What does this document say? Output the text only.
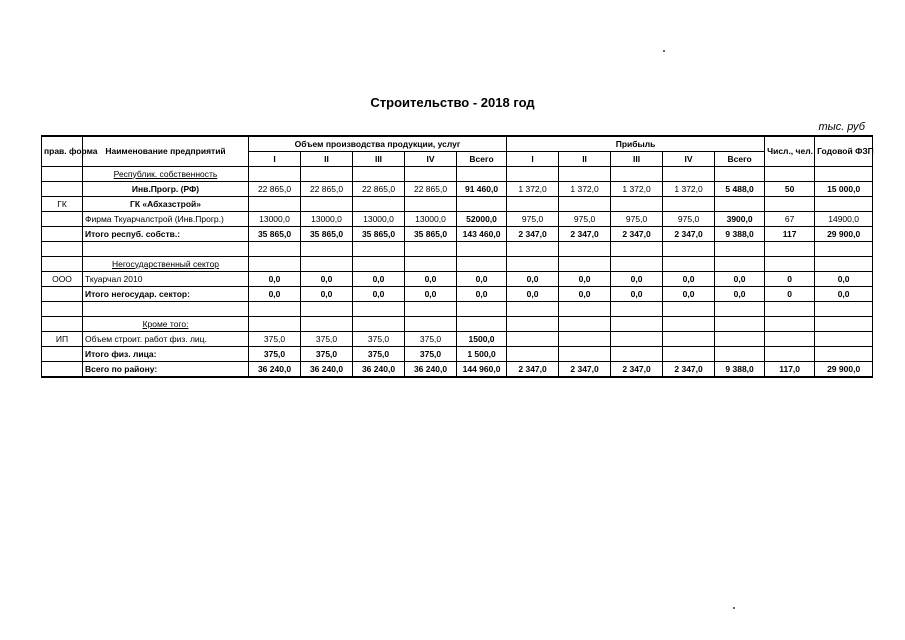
Строительство - 2018 год
тыс. руб
прав. форма	Наименование предприятий	Объем производства продукции, услуг					Прибыль					Числ., чел.	Годовой ФЗП
		I	II	III	IV	Всего	I	II	III	IV	Всего		
	Республик. собственность												
	Инв.Прогр. (РФ)	22 865,0	22 865,0	22 865,0	22 865,0	91 460,0	1 372,0	1 372,0	1 372,0	1 372,0	5 488,0	50	15 000,0
ГК	ГК «Абхазстрой»												
	Фирма Ткуарчалстрой (Инв.Прогр.)	13000,0	13000,0	13000,0	13000,0	52000,0	975,0	975,0	975,0	975,0	3900,0	67	14900,0
	Итого респуб. собств.:	35 865,0	35 865,0	35 865,0	35 865,0	143 460,0	2 347,0	2 347,0	2 347,0	2 347,0	9 388,0	117	29 900,0

	Негосударственный сектор												
ООО	Ткуарчал 2010	0,0	0,0	0,0	0,0	0,0	0,0	0,0	0,0	0,0	0,0	0	0,0
	Итого негосудар. сектор:	0,0	0,0	0,0	0,0	0,0	0,0	0,0	0,0	0,0	0,0	0	0,0

	Кроме того:												
ИП	Объем строит. работ физ. лиц.	375,0	375,0	375,0	375,0	1500,0							
	Итого физ. лица:	375,0	375,0	375,0	375,0	1 500,0							
	Всего по району:	36 240,0	36 240,0	36 240,0	36 240,0	144 960,0	2 347,0	2 347,0	2 347,0	2 347,0	9 388,0	117,0	29 900,0
